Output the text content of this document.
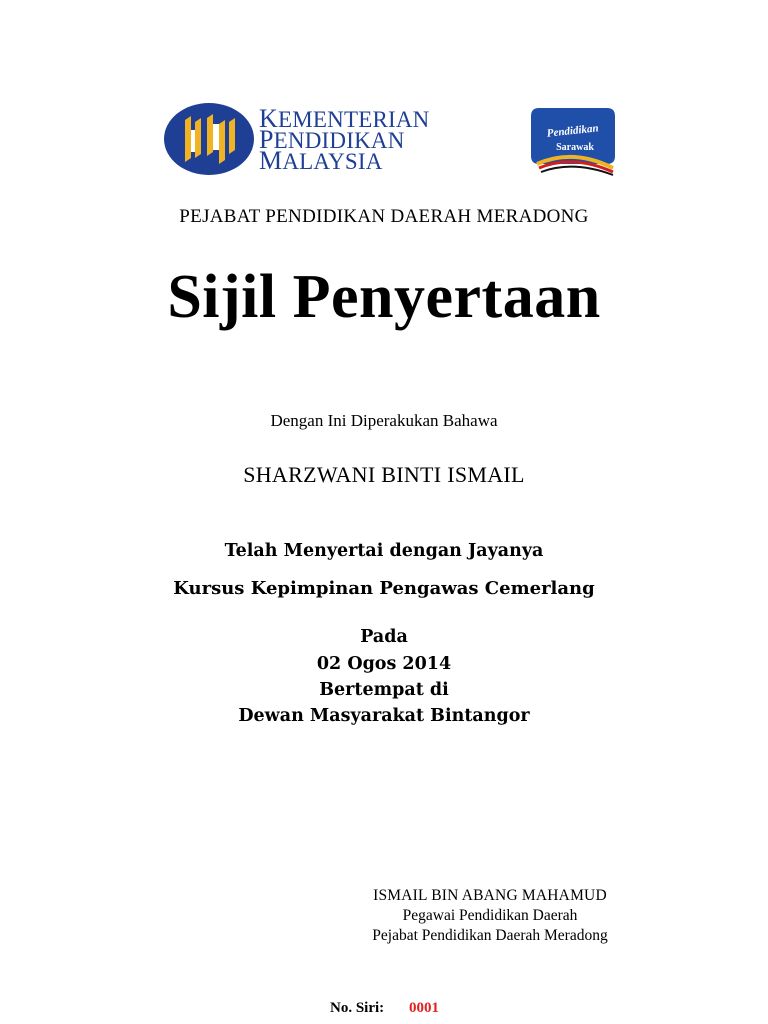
KEMENTERIAN
PENDIDIKAN
MALAYSIA
Pendidikan
Sarawak
PEJABAT PENDIDIKAN DAERAH MERADONG
Sijil Penyertaan
Dengan Ini Diperakukan Bahawa
SHARZWANI BINTI ISMAIL
Telah Menyertai dengan Jayanya
Kursus Kepimpinan Pengawas Cemerlang
Pada
02 Ogos 2014
Bertempat di
Dewan Masyarakat Bintangor
ISMAIL BIN ABANG MAHAMUD
Pegawai Pendidikan Daerah
Pejabat Pendidikan Daerah Meradong
No. Siri: 0001
